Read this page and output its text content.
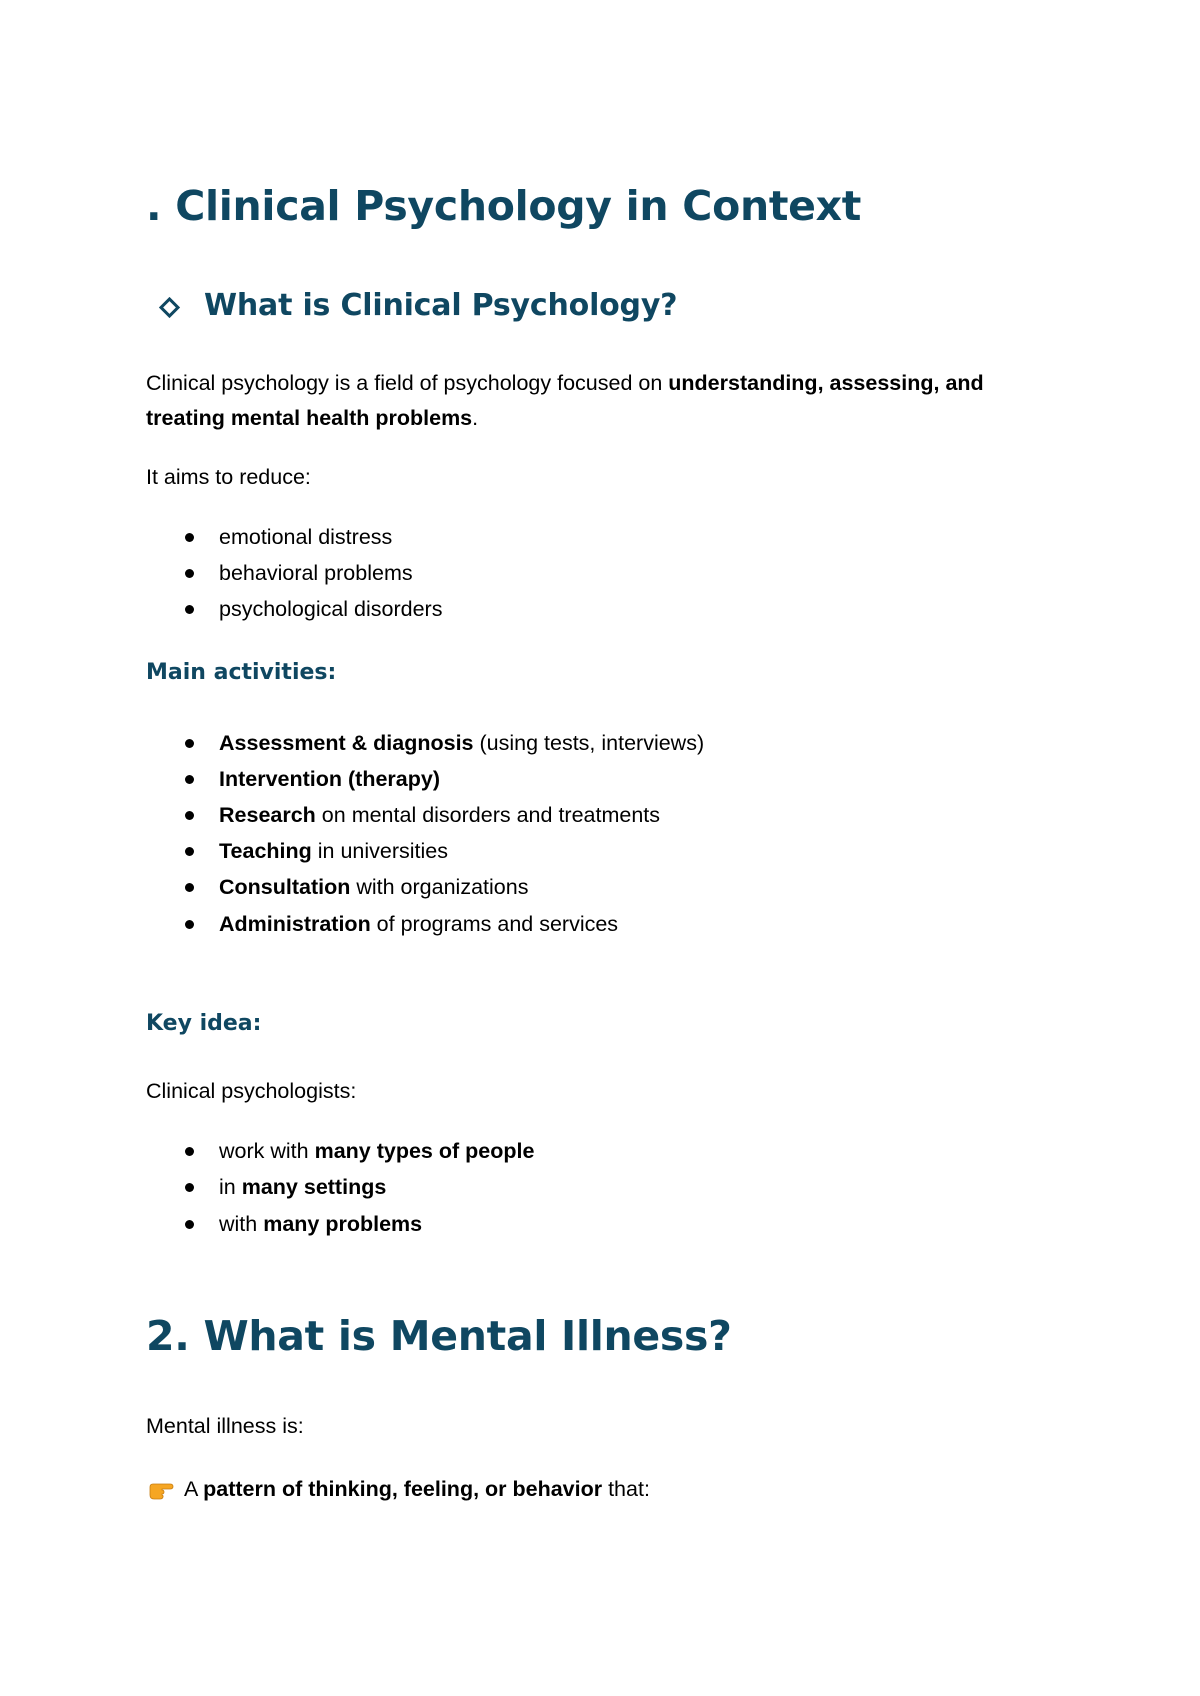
. Clinical Psychology in Context
What is Clinical Psychology?
Clinical psychology is a field of psychology focused on understanding, assessing, and
treating mental health problems.
It aims to reduce:
emotional distress
behavioral problems
psychological disorders
Main activities:
Assessment & diagnosis (using tests, interviews)
Intervention (therapy)
Research on mental disorders and treatments
Teaching in universities
Consultation with organizations
Administration of programs and services
Key idea:
Clinical psychologists:
work with many types of people
in many settings
with many problems
2. What is Mental Illness?
Mental illness is:
A pattern of thinking, feeling, or behavior that:
